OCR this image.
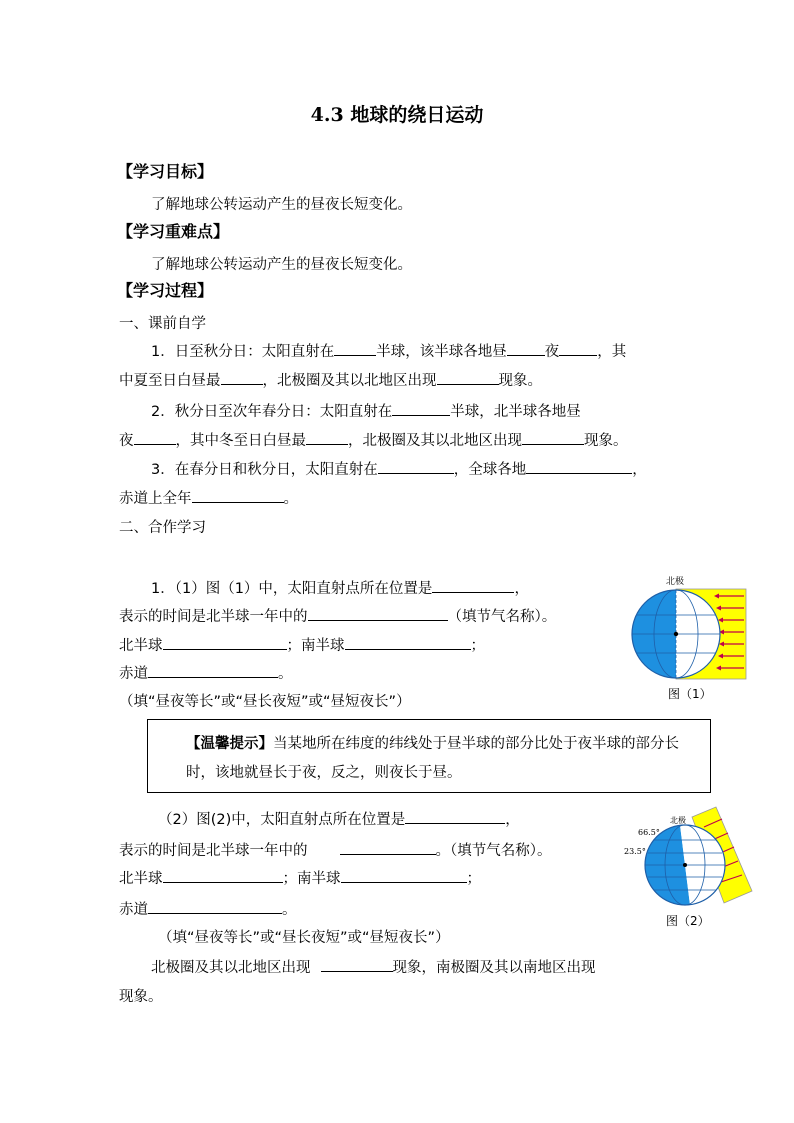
4.3 地球的绕日运动
【学习目标】
了解地球公转运动产生的昼夜长短变化。
【学习重难点】
了解地球公转运动产生的昼夜长短变化。
【学习过程】
一、课前自学
1．日至秋分日：太阳直射在	半球，该半球各地昼	夜	，其
中夏至日白昼最	，北极圈及其以北地区出现	现象。
2．秋分日至次年春分日：太阳直射在	半球，北半球各地昼
夜	，其中冬至日白昼最	，北极圈及其以北地区出现	现象。
3．在春分日和秋分日，太阳直射在	，全球各地	，
赤道上全年	。
二、合作学习
1．（1）图（1）中，太阳直射点所在位置是	，
表示的时间是北半球一年中的	（填节气名称）。
北半球	；南半球	；
赤道	。
（填“昼夜等长”或“昼长夜短”或“昼短夜长”）
【温馨提示】当某地所在纬度的纬线处于昼半球的部分比处于夜半球的部分长时，该地就昼长于夜，反之，则夜长于昼。
（2）图(2)中，太阳直射点所在位置是	，
表示的时间是北半球一年中的	。（填节气名称）。
北半球	；南半球	；
赤道	。
（填“昼夜等长”或“昼长夜短”或“昼短夜长”）
北极圈及其以北地区出现	现象，南极圈及其以南地区出现
现象。
北极
图（1）
北极
66.5°
23.5°
图（2）
